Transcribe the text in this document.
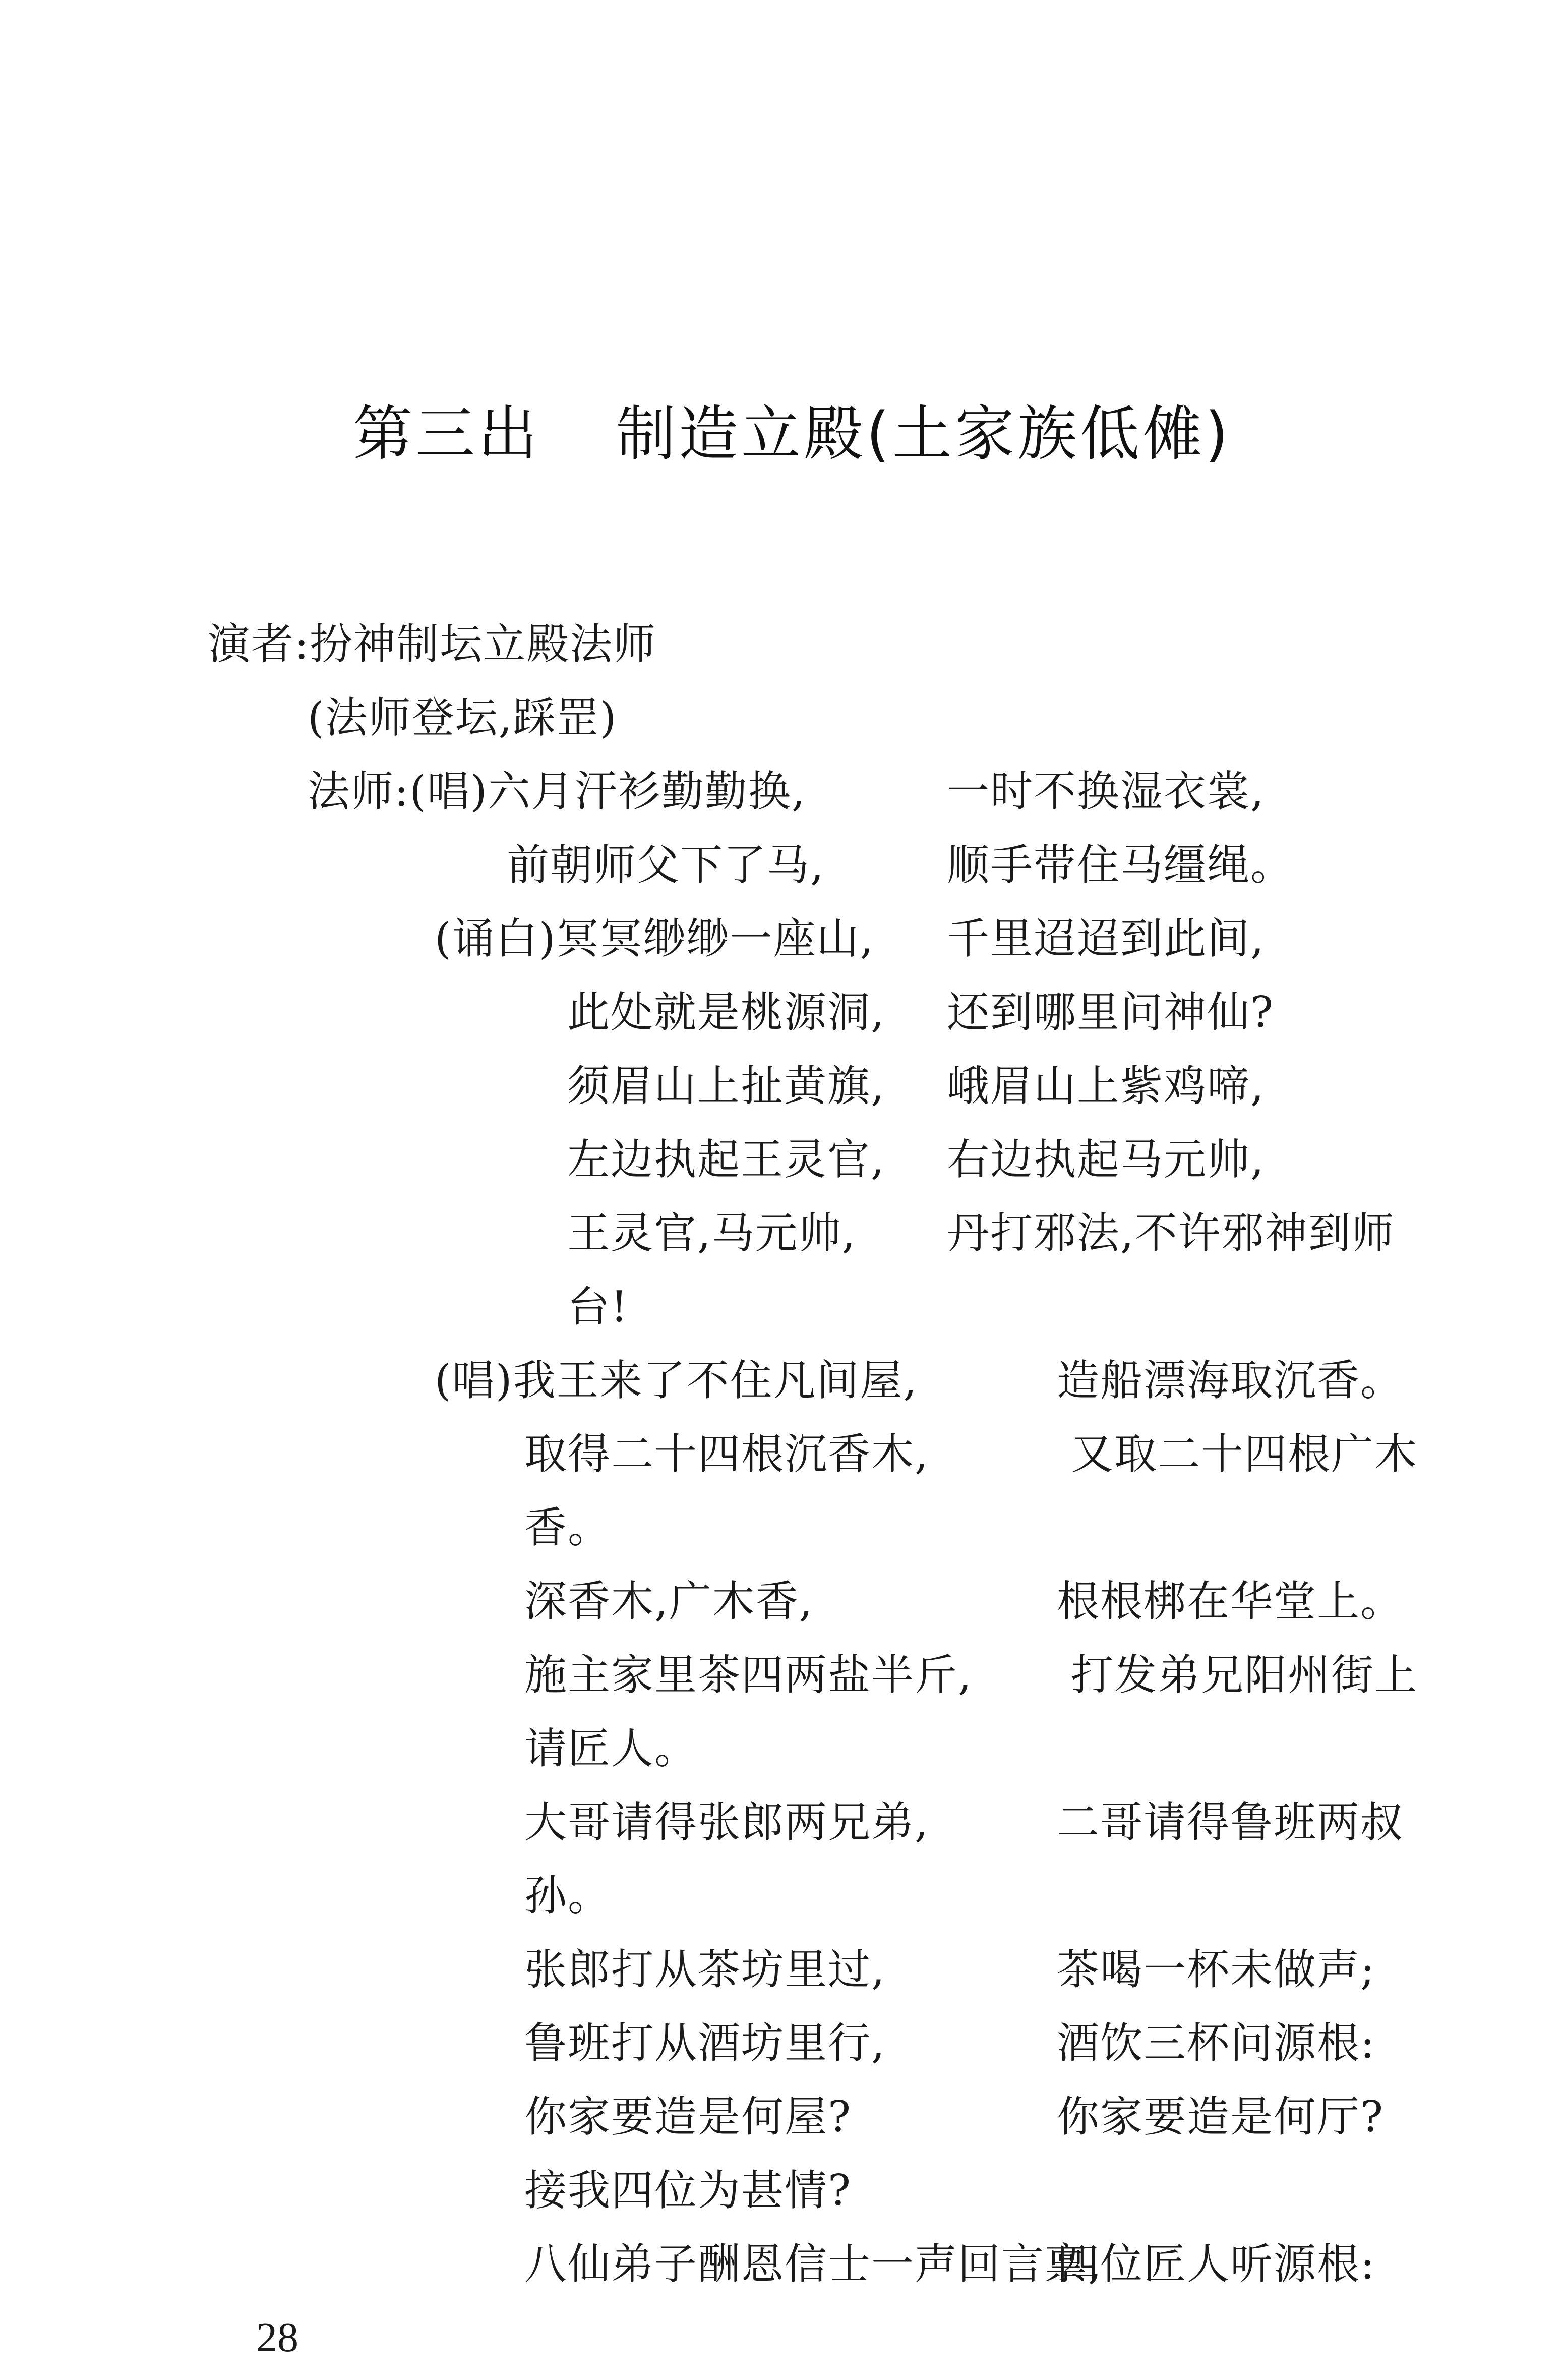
第三出 制造立殿(土家族低傩)
演者:扮神制坛立殿法师
(法师登坛,踩罡)
法师:(唱)六月汗衫勤勤换,	一时不换湿衣裳,
前朝师父下了马,	顺手带住马缰绳。
(诵白)冥冥缈缈一座山, 千里迢迢到此间,
此处就是桃源洞, 还到哪里问神仙?
须眉山上扯黄旗, 峨眉山上紫鸡啼,
左边执起王灵官, 右边执起马元帅,
王灵官,马元帅, 丹打邪法,不许邪神到师
台!
(唱)我王来了不住凡间屋,	造船漂海取沉香。
取得二十四根沉香木,	又取二十四根广木
香。
深香木,广木香,	根根梆在华堂上。
施主家里茶四两盐半斤, 打发弟兄阳州街上
请匠人。
大哥请得张郎两兄弟,	二哥请得鲁班两叔
孙。
张郎打从茶坊里过,	茶喝一杯未做声;
鲁班打从酒坊里行,	酒饮三杯问源根:
你家要造是何屋?	你家要造是何厅?
接我四位为甚情?
八仙弟子酬恩信士一声回言禀,
四位匠人听源根:
28
